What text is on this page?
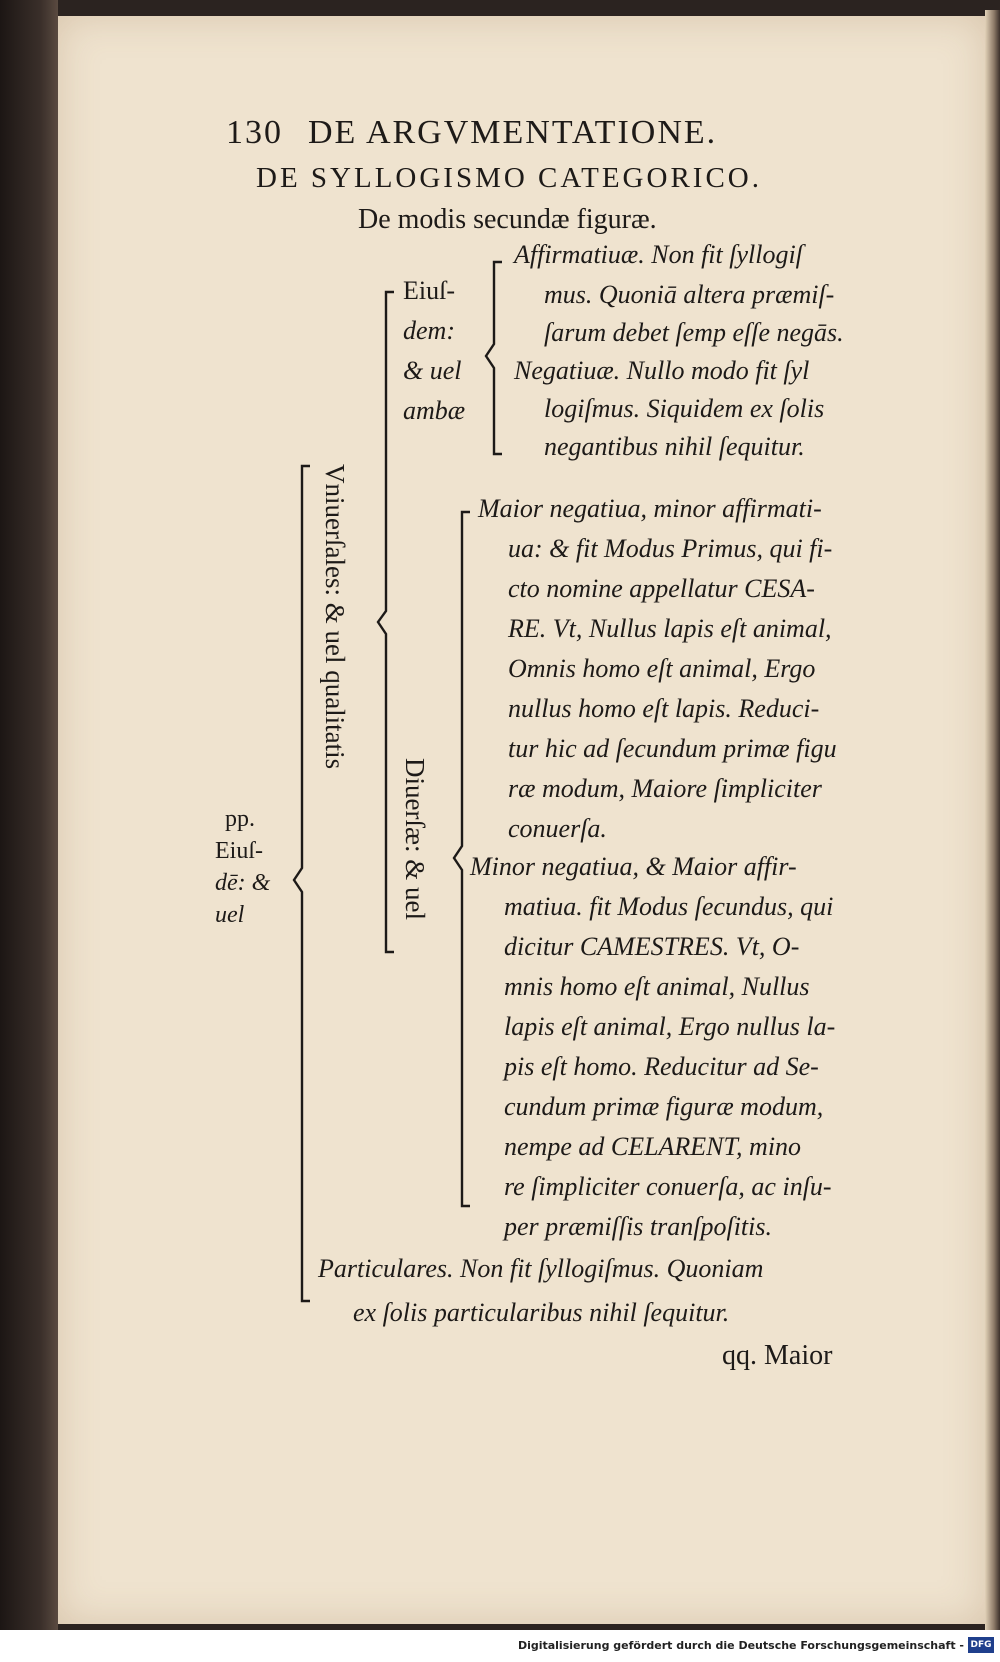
130 DE ARGVMENTATIONE.

DE SYLLOGISMO CATEGORICO.

De modis secundæ figuræ.

Eiuſ-

dem:

& uel

ambæ

Affirmatiuæ. Non fit ſyllogiſ

mus. Quoniā altera præmiſ-

ſarum debet ſemp eſſe negās.

Negatiuæ. Nullo modo fit ſyl

logiſmus. Siquidem ex ſolis

negantibus nihil ſequitur.

Vniuerſales: & uel qualitatis
Diuerſæ: & uel

pp.

Eiuſ-

dē: &

uel

Maior negatiua, minor affirmati-

ua: & fit Modus Primus, qui fi-

cto nomine appellatur CESA-

RE. Vt, Nullus lapis eſt animal,

Omnis homo eſt animal, Ergo

nullus homo eſt lapis. Reduci-

tur hic ad ſecundum primæ figu

ræ modum, Maiore ſimpliciter

conuerſa.

Minor negatiua, & Maior affir-

matiua. fit Modus ſecundus, qui

dicitur CAMESTRES. Vt, O-

mnis homo eſt animal, Nullus

lapis eſt animal, Ergo nullus la-

pis eſt homo. Reducitur ad Se-

cundum primæ figuræ modum,

nempe ad CELARENT, mino

re ſimpliciter conuerſa, ac inſu-

per præmiſſis tranſpoſitis.

Particulares. Non fit ſyllogiſmus. Quoniam

ex ſolis particularibus nihil ſequitur.

qq. Maior

Digitalisierung gefördert durch die Deutsche Forschungsgemeinschaft - DFG
